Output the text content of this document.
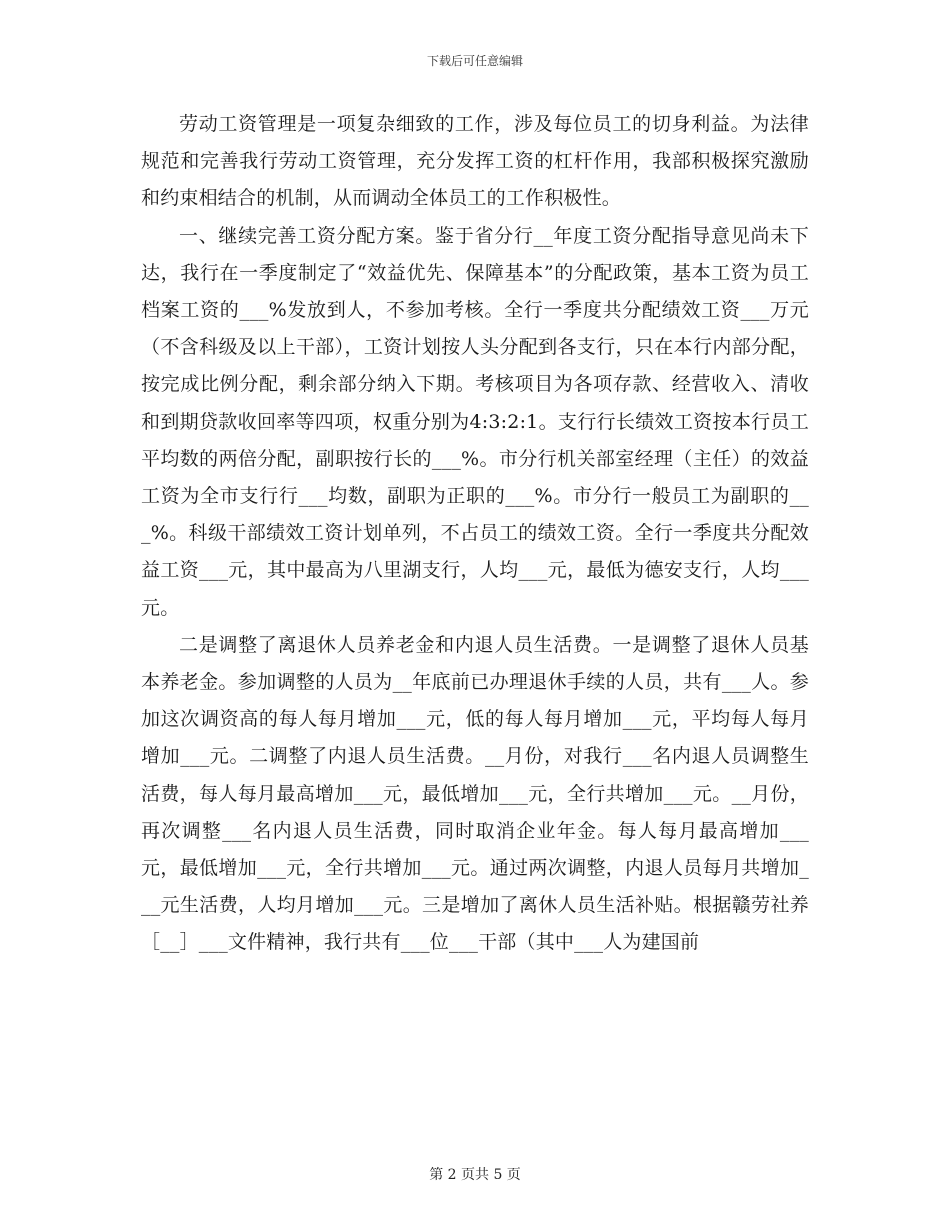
下载后可任意编辑

劳动工资管理是一项复杂细致的工作，涉及每位员工的切身利益。为法律规范和完善我行劳动工资管理，充分发挥工资的杠杆作用，我部积极探究激励和约束相结合的机制，从而调动全体员工的工作积极性。

一、继续完善工资分配方案。鉴于省分行__年度工资分配指导意见尚未下达，我行在一季度制定了“效益优先、保障基本”的分配政策，基本工资为员工档案工资的___%发放到人，不参加考核。全行一季度共分配绩效工资___万元（不含科级及以上干部），工资计划按人头分配到各支行，只在本行内部分配，按完成比例分配，剩余部分纳入下期。考核项目为各项存款、经营收入、清收和到期贷款收回率等四项，权重分别为4:3:2:1。支行行长绩效工资按本行员工平均数的两倍分配，副职按行长的___%。市分行机关部室经理（主任）的效益工资为全市支行行___均数，副职为正职的___%。市分行一般员工为副职的___%。科级干部绩效工资计划单列，不占员工的绩效工资。全行一季度共分配效益工资___元，其中最高为八里湖支行，人均___元，最低为德安支行，人均___元。

二是调整了离退休人员养老金和内退人员生活费。一是调整了退休人员基本养老金。参加调整的人员为__年底前已办理退休手续的人员，共有___人。参加这次调资高的每人每月增加___元，低的每人每月增加___元，平均每人每月增加___元。二调整了内退人员生活费。__月份，对我行___名内退人员调整生活费，每人每月最高增加___元，最低增加___元，全行共增加___元。__月份，再次调整___名内退人员生活费，同时取消企业年金。每人每月最高增加___元，最低增加___元，全行共增加___元。通过两次调整，内退人员每月共增加___元生活费，人均月增加___元。三是增加了离休人员生活补贴。根据赣劳社养［__］___文件精神，我行共有___位___干部（其中___人为建国前

第 2 页共 5 页
